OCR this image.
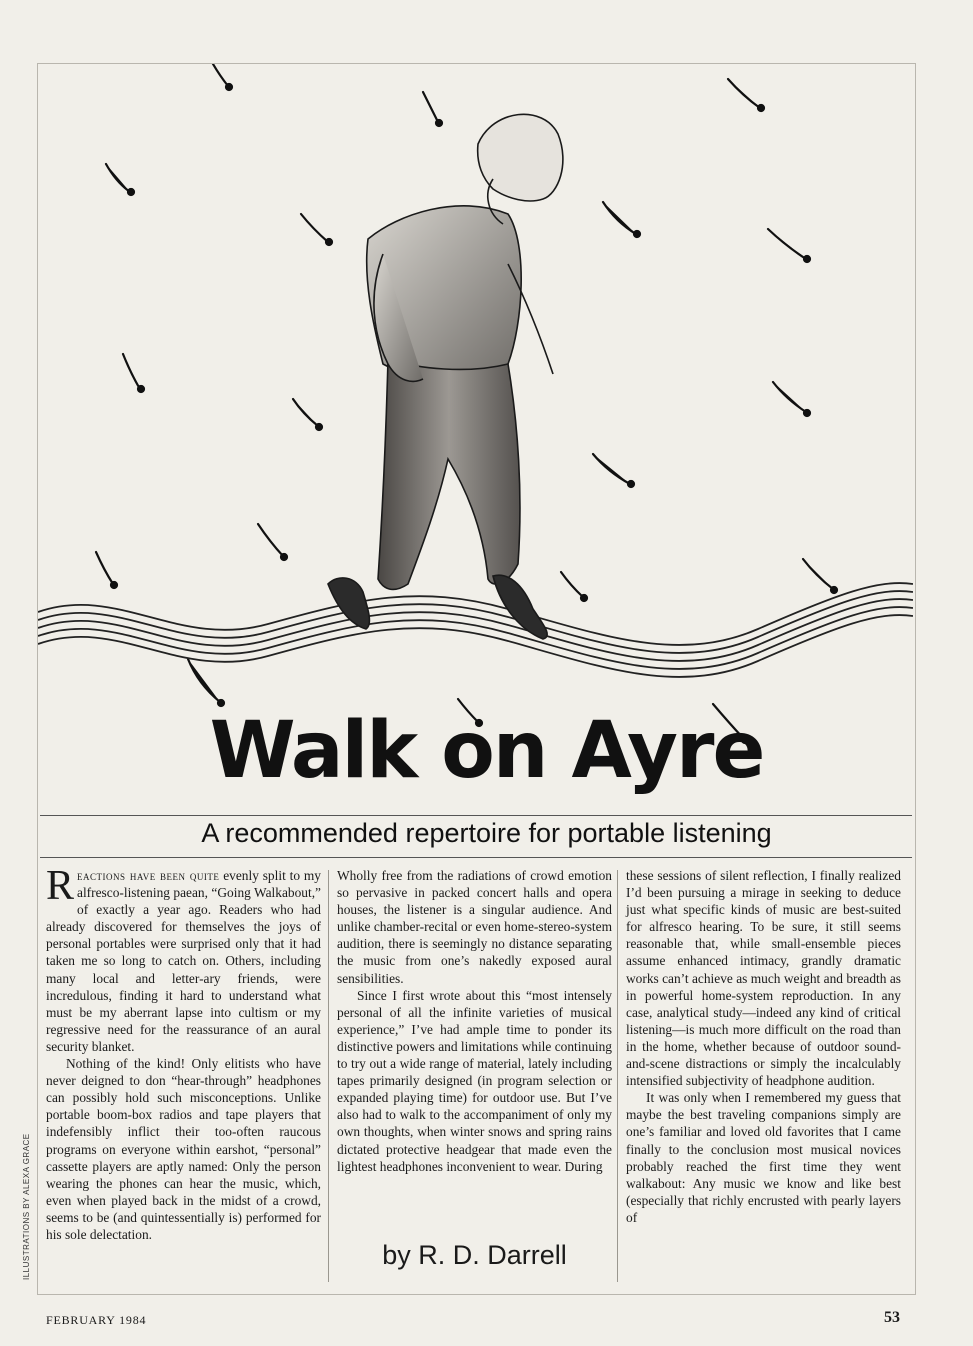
Walk on Ayre
A recommended repertoire for portable listening

Reactions have been quite evenly split to my alfresco-listening paean, “Going Walkabout,” of exactly a year ago. Readers who had already discovered for themselves the joys of personal portables were surprised only that it had taken me so long to catch on. Others, including many local and letter-ary friends, were incredulous, finding it hard to understand what must be my aberrant lapse into cultism or my regressive need for the reassurance of an aural security blanket.

Nothing of the kind! Only elitists who have never deigned to don “hear-through” headphones can possibly hold such misconceptions. Unlike portable boom-box radios and tape players that indefensibly inflict their too-often raucous programs on everyone within earshot, “personal” cassette players are aptly named: Only the person wearing the phones can hear the music, which, even when played back in the midst of a crowd, seems to be (and quintessentially is) performed for his sole delectation.

Wholly free from the radiations of crowd emotion so pervasive in packed concert halls and opera houses, the listener is a singular audience. And unlike chamber-recital or even home-stereo-system audition, there is seemingly no distance separating the music from one’s nakedly exposed aural sensibilities.

Since I first wrote about this “most intensely personal of all the infinite varieties of musical experience,” I’ve had ample time to ponder its distinctive powers and limitations while continuing to try out a wide range of material, lately including tapes primarily designed (in program selection or expanded playing time) for outdoor use. But I’ve also had to walk to the accompaniment of only my own thoughts, when winter snows and spring rains dictated protective headgear that made even the lightest headphones inconvenient to wear. During

these sessions of silent reflection, I finally realized I’d been pursuing a mirage in seeking to deduce just what specific kinds of music are best-suited for alfresco hearing. To be sure, it still seems reasonable that, while small-ensemble pieces assume enhanced intimacy, grandly dramatic works can’t achieve as much weight and breadth as in powerful home-system reproduction. In any case, analytical study—indeed any kind of critical listening—is much more difficult on the road than in the home, whether because of outdoor sound-and-scene distractions or simply the incalculably intensified subjectivity of headphone audition.

It was only when I remembered my guess that maybe the best traveling companions simply are one’s familiar and loved old favorites that I came finally to the conclusion most musical novices probably reached the first time they went walkabout: Any music we know and like best (especially that richly encrusted with pearly layers of

by R. D. Darrell
ILLUSTRATIONS BY ALEXA GRACE
FEBRUARY 1984	53
